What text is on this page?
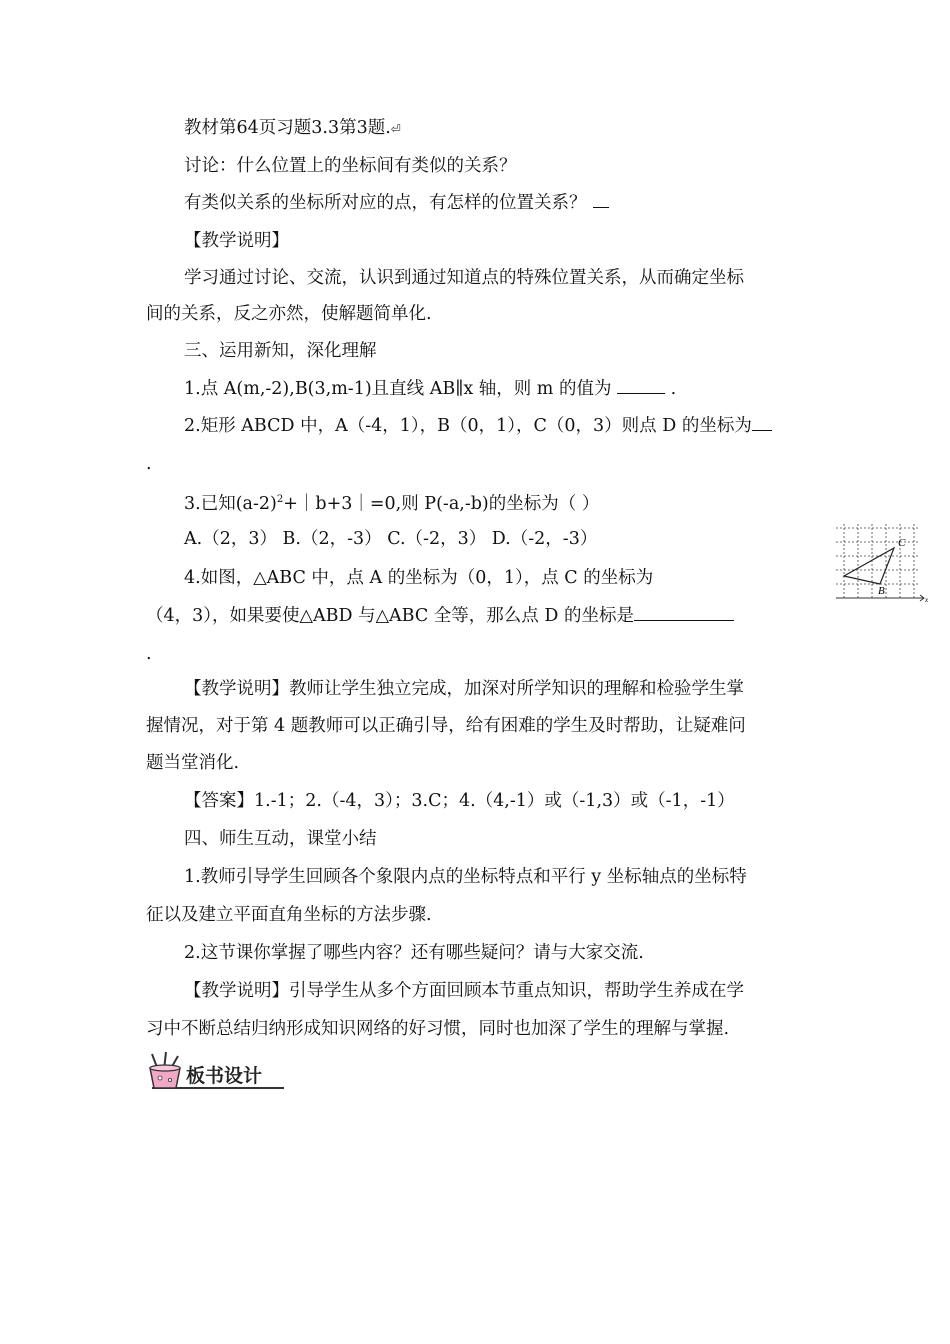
教材第64页习题3.3第3题.⏎
讨论：什么位置上的坐标间有类似的关系？
有类似关系的坐标所对应的点，有怎样的位置关系？
【教学说明】
学习通过讨论、交流，认识到通过知道点的特殊位置关系，从而确定坐标
间的关系，反之亦然，使解题简单化.
三、运用新知，深化理解
1.点 A(m,-2),B(3,m-1)且直线 AB∥x 轴，则 m 的值为	.
2.矩形 ABCD 中，A（-4，1），B（0，1），C（0，3）则点 D 的坐标为
.
3.已知$(a-2)^2+|b+3|=0$,则 P(-a,-b)的坐标为（ ）
A.（2，3） B.（2，-3） C.（-2，3） D.（-2，-3）
4.如图，△ABC 中，点 A 的坐标为（0，1），点 C 的坐标为
（4，3），如果要使△ABD 与△ABC 全等，那么点 D 的坐标是
.
C
B
x
【教学说明】教师让学生独立完成，加深对所学知识的理解和检验学生掌
握情况，对于第 4 题教师可以正确引导，给有困难的学生及时帮助，让疑难问
题当堂消化.
【答案】1.-1；2.（-4，3）；3.C；4.（4,-1）或（-1,3）或（-1，-1）
四、师生互动，课堂小结
1.教师引导学生回顾各个象限内点的坐标特点和平行 y 坐标轴点的坐标特
征以及建立平面直角坐标的方法步骤.
2.这节课你掌握了哪些内容？还有哪些疑问？请与大家交流.
【教学说明】引导学生从多个方面回顾本节重点知识，帮助学生养成在学
习中不断总结归纳形成知识网络的好习惯，同时也加深了学生的理解与掌握.
板书设计
